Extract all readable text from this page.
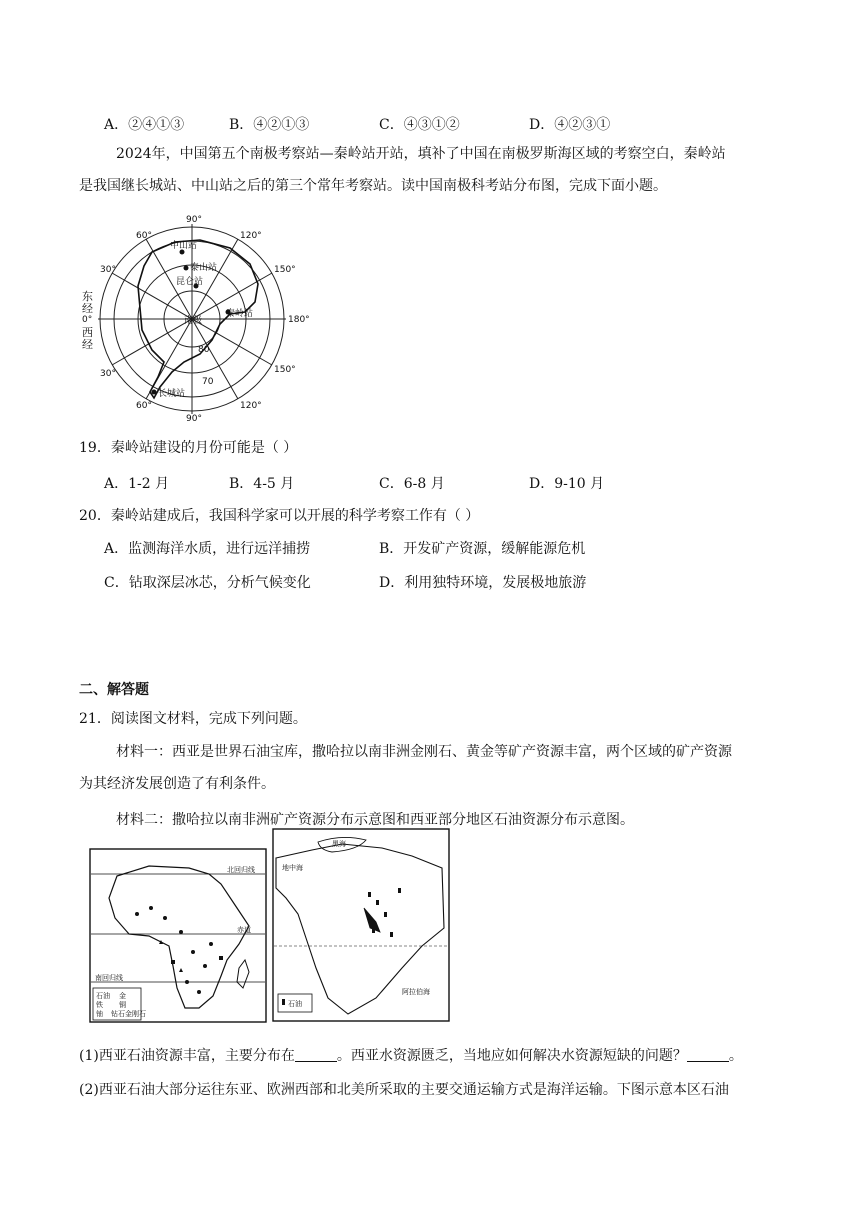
A．②④①③	B．④②①③	C．④③①②	D．④②③①
2024年，中国第五个南极考察站—秦岭站开站，填补了中国在南极罗斯海区域的考察空白，秦岭站
是我国继长城站、中山站之后的第三个常年考察站。读中国南极科考站分布图，完成下面小题。
90°
60°	120°
30°	150°
180°
0°
30°	150°
60°	120°
90°
80
70
南极
中山站
泰山站
昆仑站
秦岭站
长城站
东
经
西
经
19．秦岭站建设的月份可能是（ ）
A．1-2 月	B．4-5 月	C．6-8 月	D．9-10 月
20．秦岭站建成后，我国科学家可以开展的科学考察工作有（ ）
A．监测海洋水质，进行远洋捕捞	B．开发矿产资源，缓解能源危机
C．钻取深层冰芯，分析气候变化	D．利用独特环境，发展极地旅游
二、解答题
21．阅读图文材料，完成下列问题。
材料一：西亚是世界石油宝库，撒哈拉以南非洲金刚石、黄金等矿产资源丰富，两个区域的矿产资源
为其经济发展创造了有利条件。
材料二：撒哈拉以南非洲矿产资源分布示意图和西亚部分地区石油资源分布示意图。
北回归线
赤道
南回归线
石油 金
铁 铜
铀 钻石 金刚石
黑海
地中海
阿拉伯海
石油
(1)西亚石油资源丰富，主要分布在	。西亚水资源匮乏，当地应如何解决水资源短缺的问题？	。
(2)西亚石油大部分运往东亚、欧洲西部和北美所采取的主要交通运输方式是海洋运输。下图示意本区石油
